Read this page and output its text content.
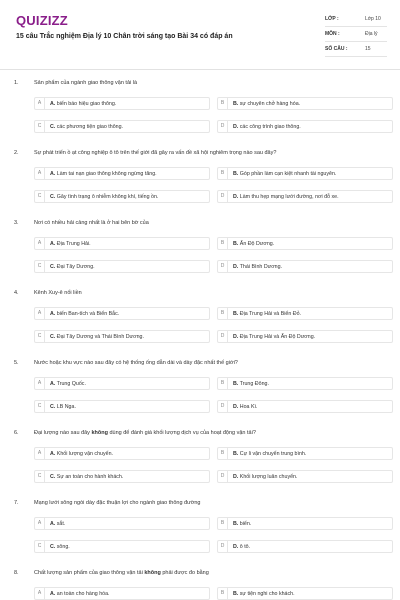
QUIZIZZ
15 câu Trắc nghiệm Địa lý 10 Chân trời sáng tạo Bài 34 có đáp án
LỚP :	Lớp 10
MÔN :	Địa lý
SỐ CÂU :	15
1.	Sản phẩm của ngành giao thông vận tải là
A	A. biển báo hiệu giao thông.	B	B. sự chuyên chở hàng hóa.
C	C. các phương tiện giao thông.	D	D. các công trình giao thông.
2.	Sự phát triển ồ ạt công nghiệp ô tô trên thế giới đã gây ra vấn đề xã hội nghiêm trọng nào sau đây?
A	A. Làm tai nạn giao thông không ngừng tăng.	B	B. Góp phần làm cạn kiệt nhanh tài nguyên.
C	C. Gây tình trạng ô nhiễm không khí, tiếng ồn.	D	D. Làm thu hẹp mạng lưới đường, nơi đỗ xe.
3.	Nơi có nhiều hải cảng nhất là ở hai bên bờ của
A	A. Địa Trung Hải.	B	B. Ấn Độ Dương.
C	C. Đại Tây Dương.	D	D. Thái Bình Dương.
4.	Kênh Xuy-ê nối liền
A	A. biển Ban-tích và Biển Bắc.	B	B. Địa Trung Hải và Biển Đỏ.
C	C. Đại Tây Dương và Thái Bình Dương.	D	D. Địa Trung Hải và Ấn Độ Dương.
5.	Nước hoặc khu vực nào sau đây có hệ thống ống dẫn dài và dày đặc nhất thế giới?
A	A. Trung Quốc.	B	B. Trung Đông.
C	C. LB Nga.	D	D. Hoa Kì.
6.	Đại lượng nào sau đây không dùng để đánh giá khối lượng dịch vụ của hoạt động vận tải?
A	A. Khối lượng vận chuyển.	B	B. Cự li vận chuyển trung bình.
C	C. Sự an toàn cho hành khách.	D	D. Khối lượng luân chuyển.
7.	Mạng lưới sông ngòi dày đặc thuận lợi cho ngành giao thông đường
A	A. sắt.	B	B. biển.
C	C. sông.	D	D. ô tô.
8.	Chất lượng sản phẩm của giao thông vận tải không phải được đo bằng
A	A. an toàn cho hàng hóa.	B	B. sự tiện nghi cho khách.
